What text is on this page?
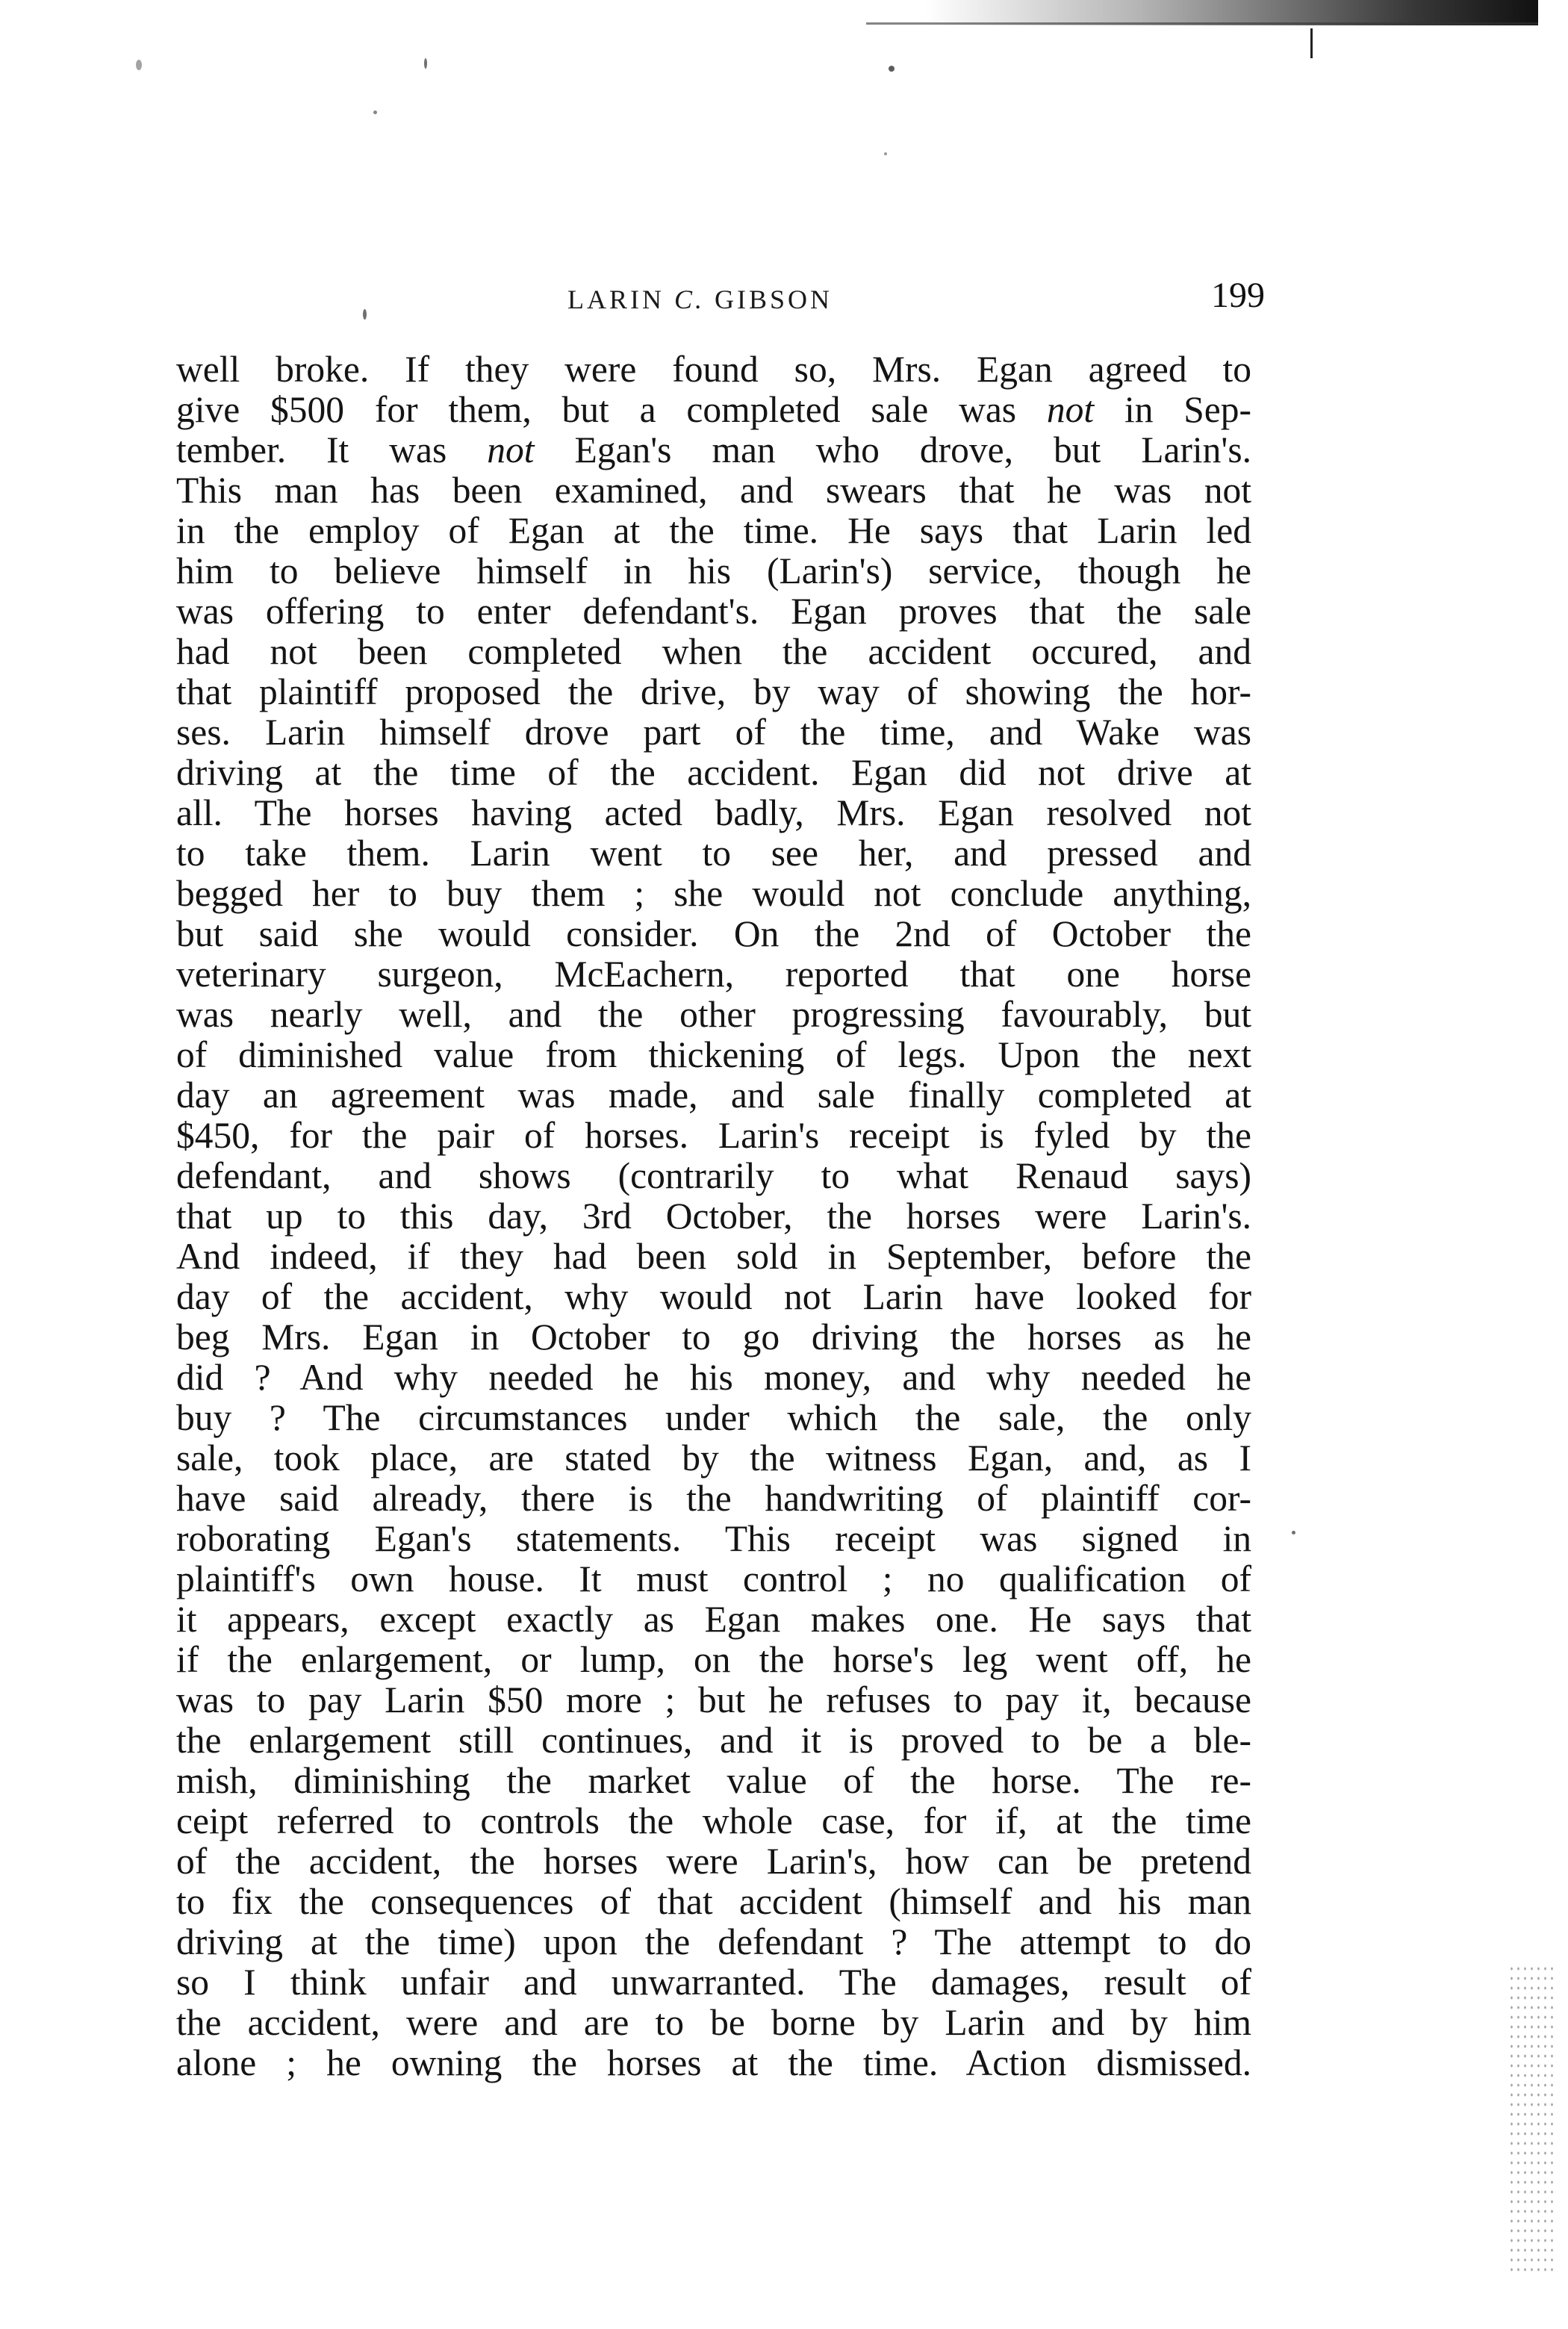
LARIN C. GIBSON	199
well broke. If they were found so, Mrs. Egan agreed to
give $500 for them, but a completed sale was not in Sep-
tember. It was not Egan's man who drove, but Larin's.
This man has been examined, and swears that he was not
in the employ of Egan at the time. He says that Larin led
him to believe himself in his (Larin's) service, though he
was offering to enter defendant's. Egan proves that the sale
had not been completed when the accident occured, and
that plaintiff proposed the drive, by way of showing the hor-
ses. Larin himself drove part of the time, and Wake was
driving at the time of the accident. Egan did not drive at
all. The horses having acted badly, Mrs. Egan resolved not
to take them. Larin went to see her, and pressed and
begged her to buy them ; she would not conclude anything,
but said she would consider. On the 2nd of October the
veterinary surgeon, McEachern, reported that one horse
was nearly well, and the other progressing favourably, but
of diminished value from thickening of legs. Upon the next
day an agreement was made, and sale finally completed at
$450, for the pair of horses. Larin's receipt is fyled by the
defendant, and shows (contrarily to what Renaud says)
that up to this day, 3rd October, the horses were Larin's.
And indeed, if they had been sold in September, before the
day of the accident, why would not Larin have looked for
beg Mrs. Egan in October to go driving the horses as he
did ? And why needed he his money, and why needed he
buy ? The circumstances under which the sale, the only
sale, took place, are stated by the witness Egan, and, as I
have said already, there is the handwriting of plaintiff cor-
roborating Egan's statements. This receipt was signed in
plaintiff's own house. It must control ; no qualification of
it appears, except exactly as Egan makes one. He says that
if the enlargement, or lump, on the horse's leg went off, he
was to pay Larin $50 more ; but he refuses to pay it, because
the enlargement still continues, and it is proved to be a ble-
mish, diminishing the market value of the horse. The re-
ceipt referred to controls the whole case, for if, at the time
of the accident, the horses were Larin's, how can be pretend
to fix the consequences of that accident (himself and his man
driving at the time) upon the defendant ? The attempt to do
so I think unfair and unwarranted. The damages, result of
the accident, were and are to be borne by Larin and by him
alone ; he owning the horses at the time. Action dismissed.
